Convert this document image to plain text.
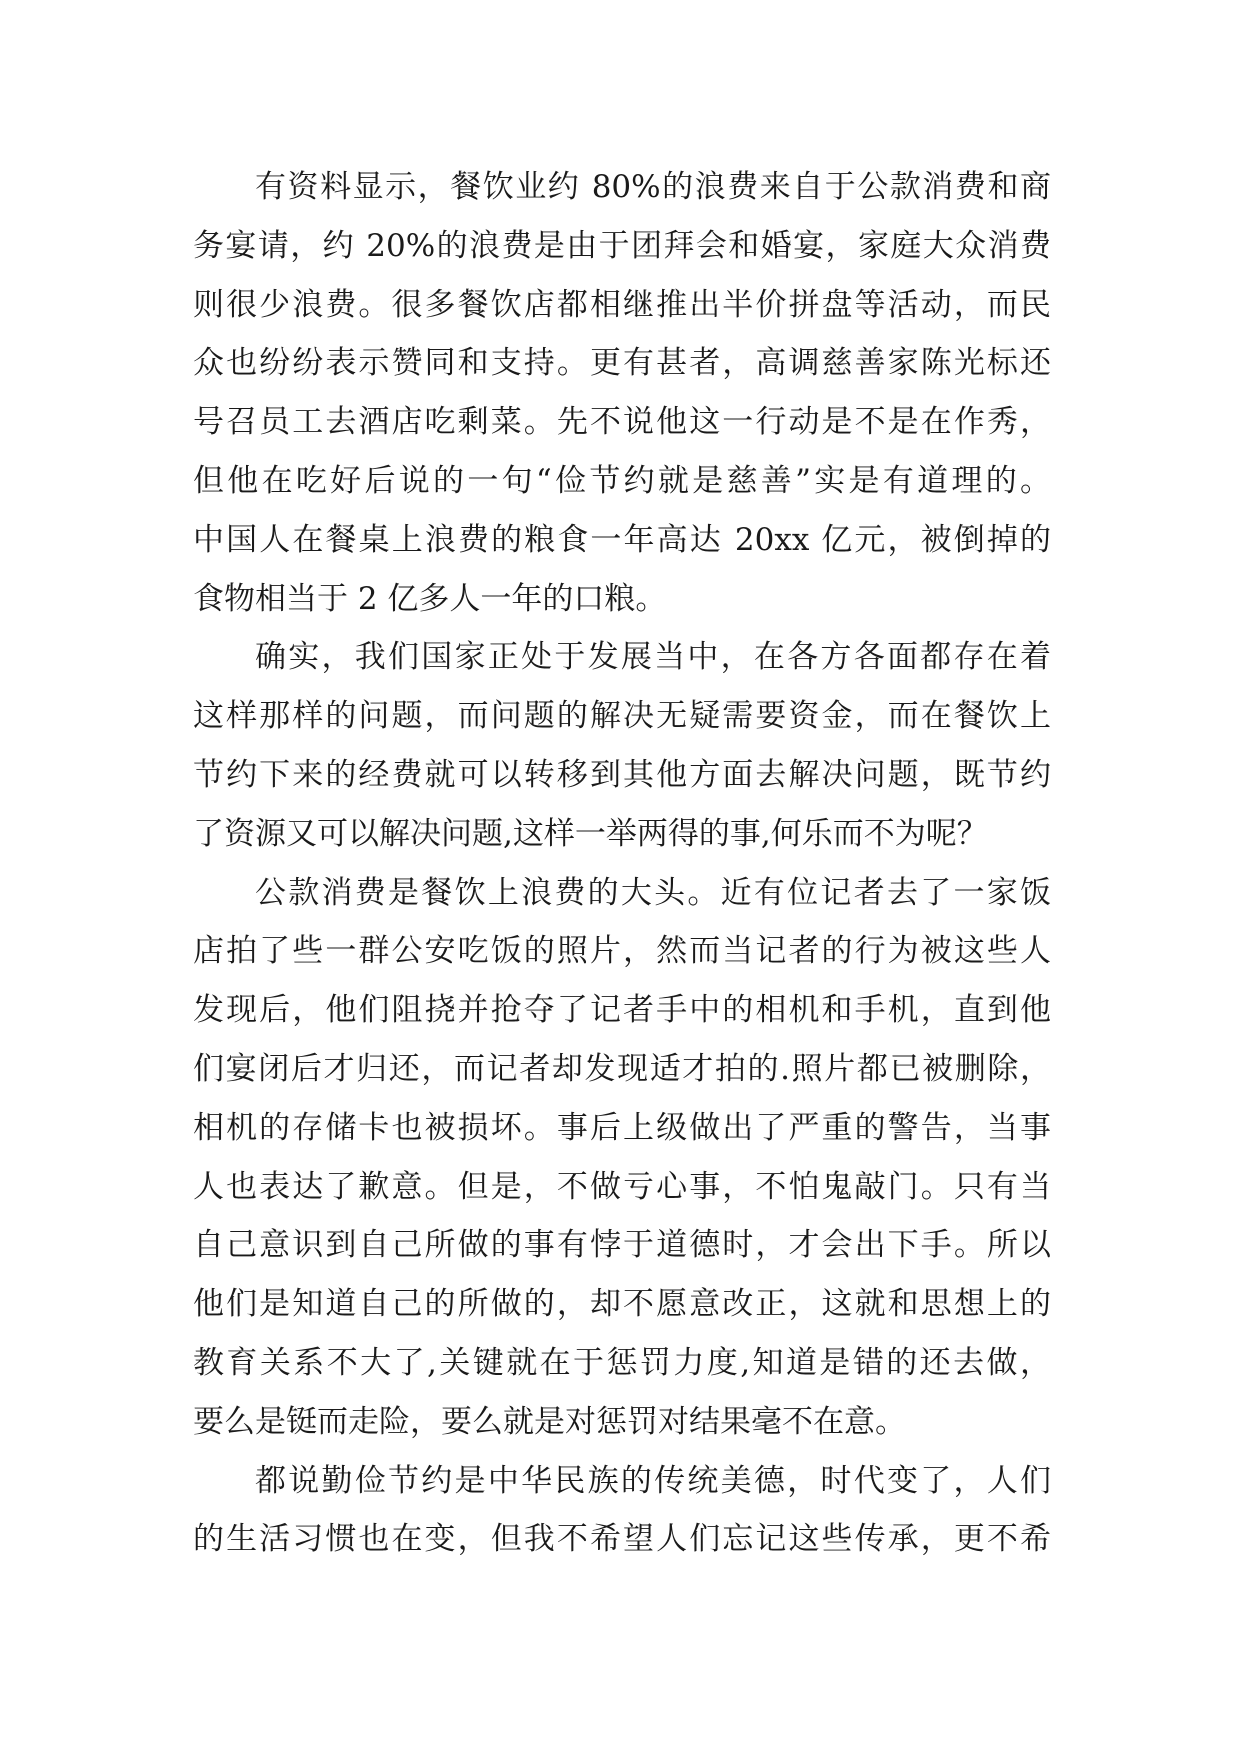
有资料显示，餐饮业约 80%的浪费来自于公款消费和商
务宴请，约 20%的浪费是由于团拜会和婚宴，家庭大众消费
则很少浪费。很多餐饮店都相继推出半价拼盘等活动，而民
众也纷纷表示赞同和支持。更有甚者，高调慈善家陈光标还
号召员工去酒店吃剩菜。先不说他这一行动是不是在作秀，
但他在吃好后说的一句“俭节约就是慈善”实是有道理的。
中国人在餐桌上浪费的粮食一年高达 20xx 亿元，被倒掉的
食物相当于 2 亿多人一年的口粮。
确实，我们国家正处于发展当中，在各方各面都存在着
这样那样的问题，而问题的解决无疑需要资金，而在餐饮上
节约下来的经费就可以转移到其他方面去解决问题，既节约
了资源又可以解决问题,这样一举两得的事,何乐而不为呢？
公款消费是餐饮上浪费的大头。近有位记者去了一家饭
店拍了些一群公安吃饭的照片，然而当记者的行为被这些人
发现后，他们阻挠并抢夺了记者手中的相机和手机，直到他
们宴闭后才归还，而记者却发现适才拍的.照片都已被删除，
相机的存储卡也被损坏。事后上级做出了严重的警告，当事
人也表达了歉意。但是，不做亏心事，不怕鬼敲门。只有当
自己意识到自己所做的事有悖于道德时，才会出下手。所以
他们是知道自己的所做的，却不愿意改正，这就和思想上的
教育关系不大了,关键就在于惩罚力度,知道是错的还去做，
要么是铤而走险，要么就是对惩罚对结果毫不在意。
都说勤俭节约是中华民族的传统美德，时代变了，人们
的生活习惯也在变，但我不希望人们忘记这些传承，更不希
